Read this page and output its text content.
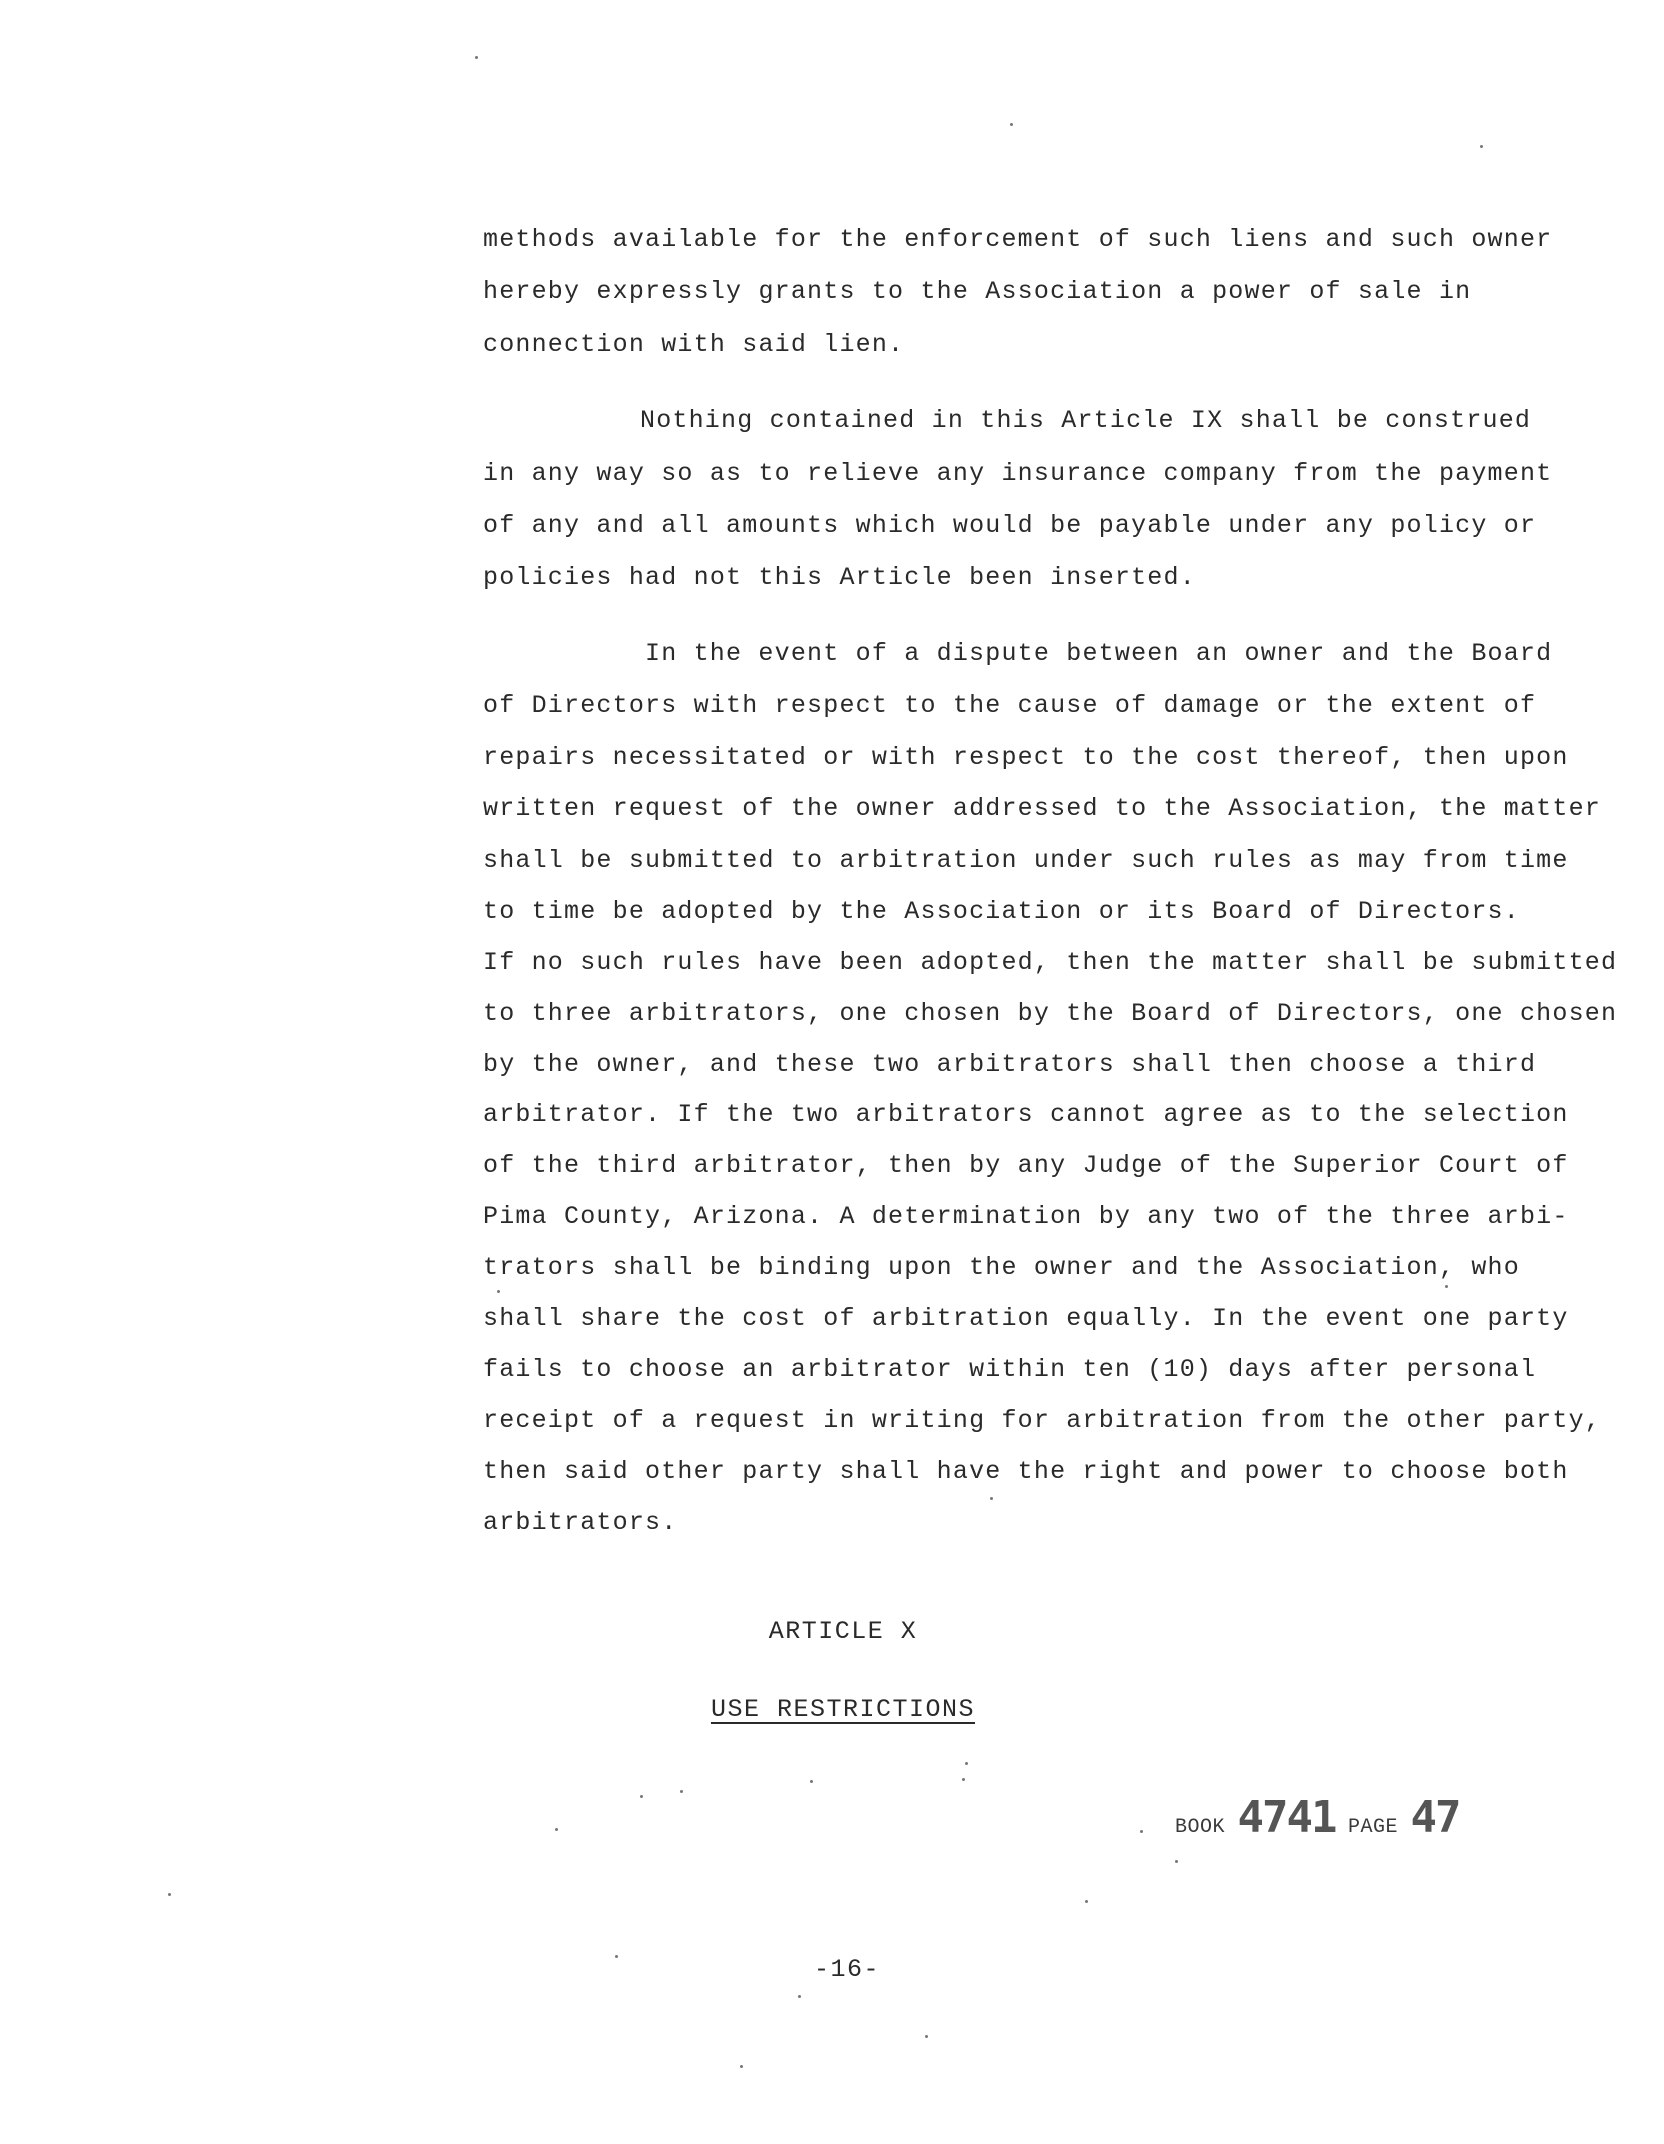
methods available for the enforcement of such liens and such owner
hereby expressly grants to the Association a power of sale in
connection with said lien.
Nothing contained in this Article IX shall be construed
in any way so as to relieve any insurance company from the payment
of any and all amounts which would be payable under any policy or
policies had not this Article been inserted.
In the event of a dispute between an owner and the Board
of Directors with respect to the cause of damage or the extent of
repairs necessitated or with respect to the cost thereof, then upon
written request of the owner addressed to the Association, the matter
shall be submitted to arbitration under such rules as may from time
to time be adopted by the Association or its Board of Directors.
If no such rules have been adopted, then the matter shall be submitted
to three arbitrators, one chosen by the Board of Directors, one chosen
by the owner, and these two arbitrators shall then choose a third
arbitrator. If the two arbitrators cannot agree as to the selection
of the third arbitrator, then by any Judge of the Superior Court of
Pima County, Arizona. A determination by any two of the three arbi-
trators shall be binding upon the owner and the Association, who
shall share the cost of arbitration equally. In the event one party
fails to choose an arbitrator within ten (10) days after personal
receipt of a request in writing for arbitration from the other party,
then said other party shall have the right and power to choose both
arbitrators.
ARTICLE X
USE RESTRICTIONS
BOOK 4741 PAGE 47
-16-
